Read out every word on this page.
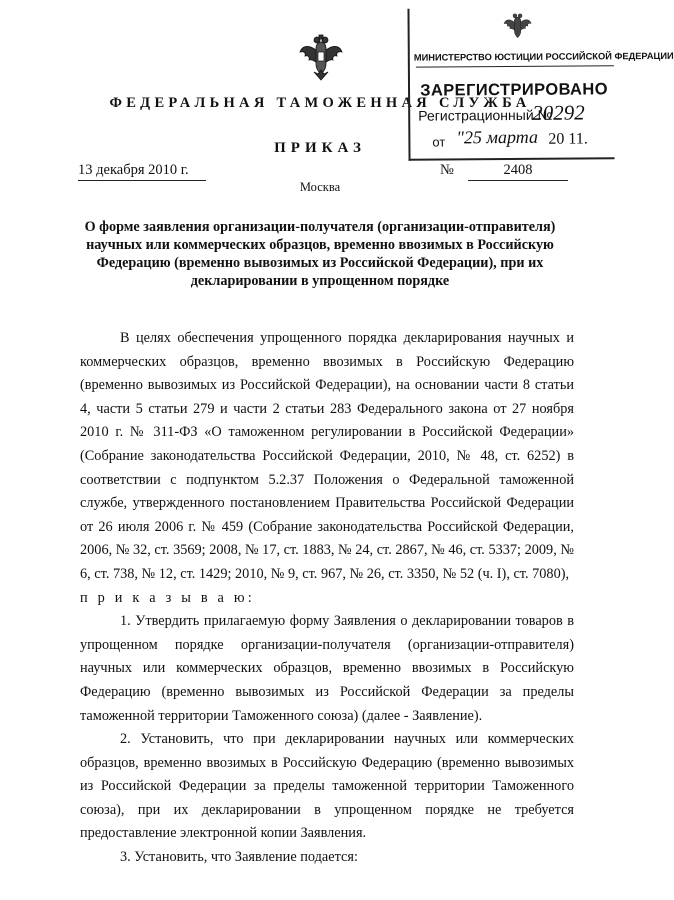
ФЕДЕРАЛЬНАЯ ТАМОЖЕННАЯ СЛУЖБА
ПРИКАЗ
13 декабря 2010 г.	№	2408
Москва
МИНИСТЕРСТВО ЮСТИЦИИ РОССИЙСКОЙ ФЕДЕРАЦИИ
ЗАРЕГИСТРИРОВАНО
Регистрационный №
20292
от "25 марта 20 11.
О форме заявления организации-получателя (организации-отправителя) научных или коммерческих образцов, временно ввозимых в Российскую Федерацию (временно вывозимых из Российской Федерации), при их декларировании в упрощенном порядке

В целях обеспечения упрощенного порядка декларирования научных и коммерческих образцов, временно ввозимых в Российскую Федерацию (временно вывозимых из Российской Федерации), на основании части 8 статьи 4, части 5 статьи 279 и части 2 статьи 283 Федерального закона от 27 ноября 2010 г. № 311-ФЗ «О таможенном регулировании в Российской Федерации» (Собрание законодательства Российской Федерации, 2010, № 48, ст. 6252) в соответствии с подпунктом 5.2.37 Положения о Федеральной таможенной службе, утвержденного постановлением Правительства Российской Федерации от 26 июля 2006 г. № 459 (Собрание законодательства Российской Федерации, 2006, № 32, ст. 3569; 2008, № 17, ст. 1883, № 24, ст. 2867, № 46, ст. 5337; 2009, № 6, ст. 738, № 12, ст. 1429; 2010, № 9, ст. 967, № 26, ст. 3350, № 52 (ч. I), ст. 7080),

п р и к а з ы в а ю:

1. Утвердить прилагаемую форму Заявления о декларировании товаров в упрощенном порядке организации-получателя (организации-отправителя) научных или коммерческих образцов, временно ввозимых в Российскую Федерацию (временно вывозимых из Российской Федерации за пределы таможенной территории Таможенного союза) (далее - Заявление).

2. Установить, что при декларировании научных или коммерческих образцов, временно ввозимых в Российскую Федерацию (временно вывозимых из Российской Федерации за пределы таможенной территории Таможенного союза), при их декларировании в упрощенном порядке не требуется предоставление электронной копии Заявления.

3. Установить, что Заявление подается:
